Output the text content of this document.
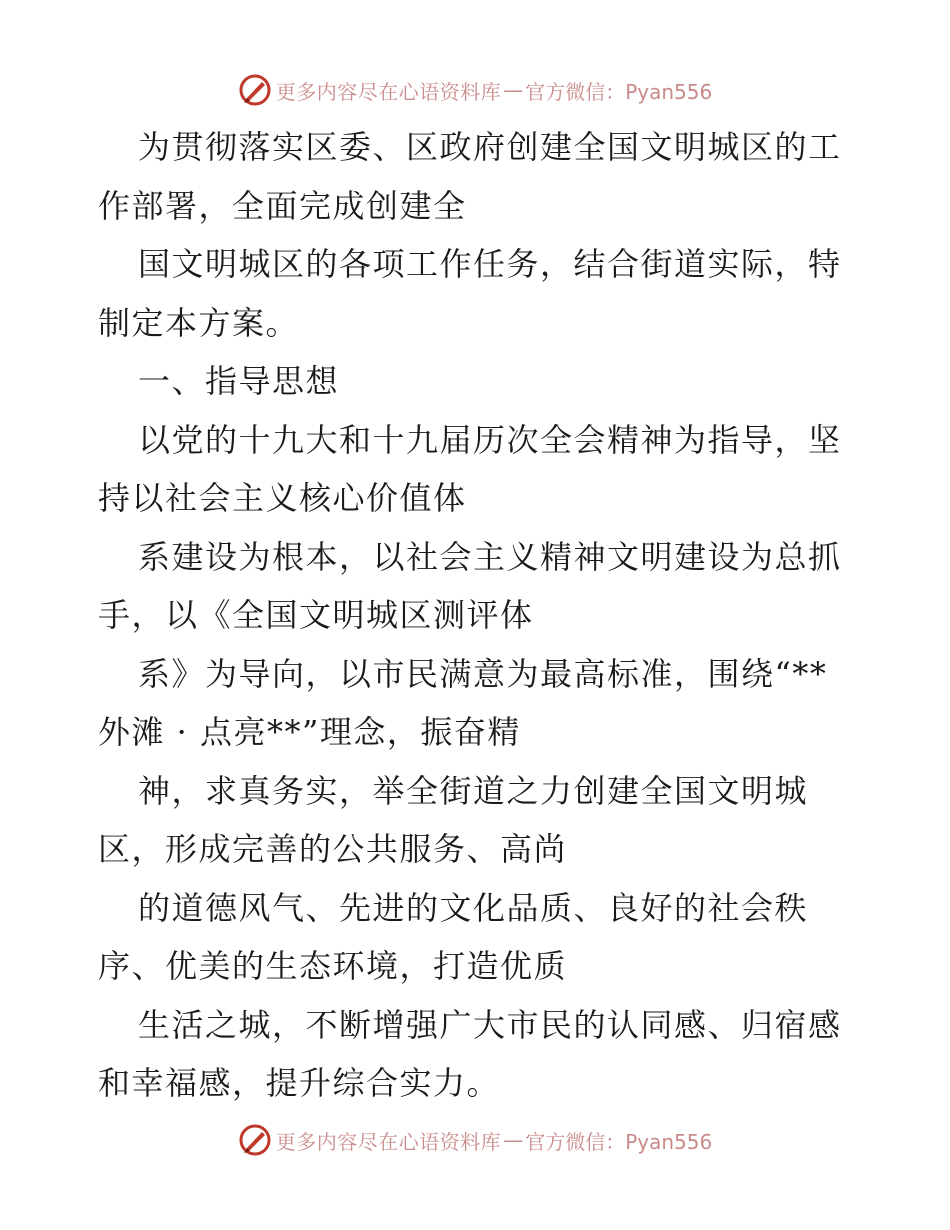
更多内容尽在心语资料库 — 官方微信：Pyan556
为贯彻落实区委、区政府创建全国文明城区的工
作部署，全面完成创建全
国文明城区的各项工作任务，结合街道实际，特
制定本方案。
一、指导思想
以党的十九大和十九届历次全会精神为指导，坚
持以社会主义核心价值体
系建设为根本，以社会主义精神文明建设为总抓
手，以《全国文明城区测评体
系》为导向，以市民满意为最高标准，围绕“**
外滩 · 点亮**”理念，振奋精
神，求真务实，举全街道之力创建全国文明城
区，形成完善的公共服务、高尚
的道德风气、先进的文化品质、良好的社会秩
序、优美的生态环境，打造优质
生活之城，不断增强广大市民的认同感、归宿感
和幸福感，提升综合实力。
更多内容尽在心语资料库 — 官方微信：Pyan556
